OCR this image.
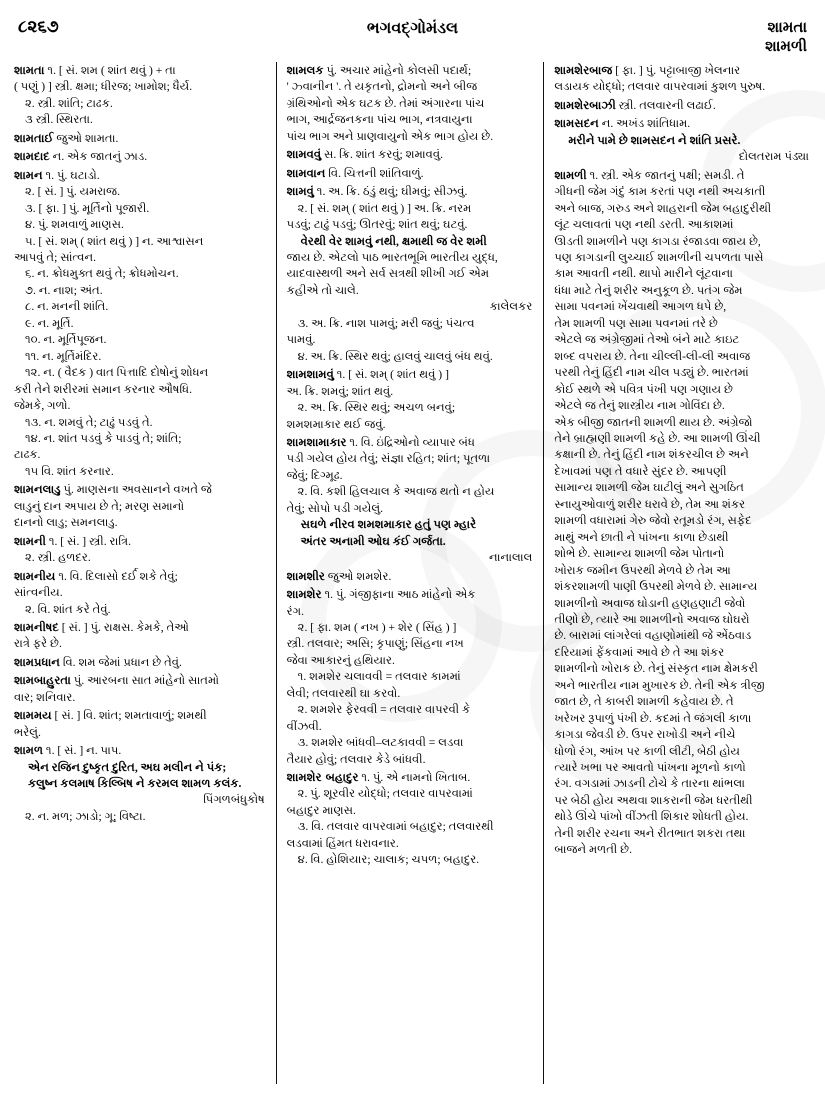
૮૨૬૭	ભગવદ્ગોમંડલ	શામતા
શામળી
શામતા ૧. [ સં. શમ ( શાંત થવું ) + તા
( પણું ) ] સ્ત્રી. ક્ષમા; ધીરજ; ખામોશ; ધૈર્ય.
૨. સ્ત્રી. શાંતિ; ટાઢક.
૩ સ્ત્રી. સ્થિરતા.
શામતાઈ જુઓ શામતા.
શામદાદ ન. એક જાતનું ઝાડ.
શામન ૧. પું. ઘટાડો.
૨. [ સં. ] પું. યમરાજ.
૩. [ ફા. ] પું. મૂર્તિનો પૂજારી.
૪. પું. શમવાળું માણસ.
૫. [ સં. શમ્ ( શાંત થવું ) ] ન. આશ્વાસન
આપવું તે; સાંત્વન.
૬. ન. ક્રોધમુક્ત થવું તે; ક્રોધમોચન.
૭. ન. નાશ; અંત.
૮. ન. મનની શાંતિ.
૯. ન. મૂર્તિ.
૧૦. ન. મૂર્તિપૂજન.
૧૧. ન. મૂર્તિમંદિર.
૧૨. ન. ( વૈદક ) વાત પિત્તાદિ દોષોનું શોધન
કરી તેને શરીરમાં સમાન કરનાર ઔષધિ.
જેમકે, ગળો.
૧૩. ન. શમવું તે; ટાઢું પડવું તે.
૧૪. ન. શાંત પડવું કે પાડવું તે; શાંતિ;
ટાઢક.
૧૫ વિ. શાંત કરનાર.
શામનલાડુ પું. માણસના અવસાનને વખતે જે
લાડુનું દાન અપાય છે તે; મરણ સમાનો
દાનનો લાડુ; સમનલાડુ.
શામની ૧. [ સં. ] સ્ત્રી. રાત્રિ.
૨. સ્ત્રી. હળદર.
શામનીય ૧. વિ. દિલાસો દર્ઈ શકે તેવું;
સાંત્વનીય.
૨. વિ. શાંત કરે તેવું.
શામનીષદ [ સં. ] પું. રાક્ષસ. કેમકે, તેઓ
રાત્રે ફરે છે.
શામપ્રધાન વિ. શમ જેમાં પ્રધાન છે તેવું.
શામબાહુરતા પું. આરબના સાત માંહેનો સાતમો
વાર; શનિવાર.
શામમય [ સં. ] વિ. શાંત; શમતાવાળું; શમથી
ભરેલું.
શામળ ૧. [ સં. ] ન. પાપ.
એન રજિન દુષ્કૃત દુરિત, અઘ મલીન ને પંક;
કલુષ્ન કલમાષ કિલ્બિષ ને કરમલ શામળ કલંક.
પિંગળબંધુકોષ
૨. ન. મળ; ઝાડો; ગૂ; વિષ્ટા.
શામલક પું. અચાર માંહેનો કોલસી પદાર્થ;
' ઝ્વાનીન '. તે યકૃતનો, દ્રોમનો અને બીજ
ગ્રંથિઓનો એક ઘટક છે. તેમાં અંગારના પાંચ
ભાગ, આર્દ્રજનકના પાંચ ભાગ, નત્રવાયુના
પાંચ ભાગ અને પ્રાણવાયુનો એક ભાગ હોય છે.
શામવવું સ. ક્રિ. શાંત કરવું; શમાવવું.
શામવાન વિ. ચિત્તની શાંતિવાળું.
શામવું ૧. અ. ક્રિ. ઠંડું થવું; ઘીમવું; સીઝવું.
૨. [ સં. શમ્ ( શાંત થવું ) ] અ. ક્રિ. નરમ
પડવું; ટાઢું પડવું; ઊતરવું; શાંત થવું; ઘટવું.
વેરથી વેર શામવું નથી, ક્ષમાથી જ વેર શમી
જાય છે. એટલો પાઠ ભારતભૂમિ ભારતીય યુદ્ધ,
યાદવાસ્થળી અને સર્વ સત્રથી શીખી ગઈ એમ
કહીએ તો ચાલે.
કાલેલકર
૩. અ. ક્રિ. નાશ પામવું; મરી જવું; પંચત્વ
પામવું.
૪. અ. ક્રિ. સ્થિર થવું; હાલવું ચાલવું બંધ થવું.
શામશામવું ૧. [ સં. શમ્ ( શાંત થવું ) ]
અ. ક્રિ. શમવું; શાંત થવું.
૨. અ. ક્રિ. સ્થિર થવું; અચળ બનવું;
શમશમાકાર થઈ જવું.
શામશામાકાર ૧. વિ. ઇંદ્રિઓનો વ્યાપાર બંધ
પડી ગયેલ હોય તેવું; સંજ્ઞા રહિત; શાંત; પૂતળા
જેવું; દિગ્મૂઢ.
૨. વિ. કશી હિલચાલ કે અવાજ થતો ન હોય
તેવું; સોપો પડી ગયેલું.
સઘળે નીરવ શમશમાકાર હતું પણ મ્હારે
અંતર અનામી ઓઘ કંઈ ગર્જતા.
નાનાલાલ
શામશીર જુઓ શમશેર.
શામશેર ૧. પું. ગંજીફાના આઠ માંહેનો એક
રંગ.
૨. [ ફા. શમ ( નખ ) + શેર ( સિંહ ) ]
સ્ત્રી. તલવાર; અસિ; કૃપાણું; સિંહના નખ
જેવા આકારનું હથિયાર.
૧. શમશેર ચલાવવી = તલવાર કામમાં
લેવી; તલવારથી ઘા કરવો.
૨. શમશેર ફેરવવી = તલવાર વાપરવી કે
વીંઝવી.
૩. શમશેર બાંધવી–લટકાવવી = લડવા
તૈયાર હોવું; તલવાર કેડે બાંધવી.
શામશેર બહાદુર ૧. પું. એ નામનો ખિતાબ.
૨. પું. શૂરવીર યોદ્ધો; તલવાર વાપરવામાં
બહાદુર માણસ.
૩. વિ. તલવાર વાપરવામાં બહાદુર; તલવારથી
લડવામાં હિંમત ધરાવનાર.
૪. વિ. હોશિયાર; ચાલાક; ચપળ; બહાદુર.
શામશેરબાજ [ ફા. ] પું. પટ્ટાબાજી ખેલનાર
લડાયક યોદ્ધો; તલવાર વાપરવામાં કુશળ પુરુષ.
શામશેરબાઝી સ્ત્રી. તલવારની લઢાઈ.
શામસદન ન. અખંડ શાંતિધામ.
મરીને પામે છે શામસદન ને શાંતિ પ્રસરે.
દોલતરામ પંડ્યા
શામળી ૧. સ્ત્રી. એક જાતનું પક્ષી; સમડી. તે
ગીધની જેમ ગંદું કામ કરતાં પણ નથી અચકાતી
અને બાજ, ગરુડ અને શાહરાની જેમ બહાદુરીથી
લૂંટ ચલાવતાં પણ નથી ડરતી. આકાશમાં
ઊડતી શામળીને પણ કાગડા રંજાડવા જાય છે,
પણ કાગડાની લુચ્ચાઈ શામળીની ચપળતા પાસે
કામ આવતી નથી. થાપો મારીને લૂંટવાના
ધંધા માટે તેનું શરીર અનુકૂળ છે. પતંગ જેમ
સામા પવનમાં ખેંચવાથી આગળ ધપે છે,
તેમ શામળી પણ સામા પવનમાં તરે છે
એટલે જ અંગ્રેજીમાં તેઓ બંને માટે કાઇટ
શબ્દ વપરાય છે. તેના ચીલ્લી-લી-લી અવાજ
પરથી તેનું હિંદી નામ ચીલ પડ્યું છે. ભારતમાં
કોઈ સ્થળે એ પવિત્ર પંખી પણ ગણાય છે
એટલે જ તેનું શાસ્ત્રીય નામ ગોવિંદા છે.
એક બીજી જાતની શામળી થાય છે. અંગ્રેજો
તેને બ્રાહ્મણી શામળી કહે છે. આ શામળી ઊંચી
કક્ષાની છે. તેનું હિંદી નામ શંકરચીલ છે અને
દેખાવમાં પણ તે વધારે સુંદર છે. આપણી
સામાન્ય શામળી જેમ ઘાટીલું અને સુગઠિત
સ્નાયુઓવાળું શરીર ધરાવે છે, તેમ આ શંકર
શામળી વધારામાં ગેરુ જેવો રતૂમડો રંગ, સફેદ
માથું અને છાતી ને પાંખના કાળા છેડાથી
શોભે છે. સામાન્ય શામળી જેમ પોતાનો
ખોરાક જમીન ઉપરથી મેળવે છે તેમ આ
શંકરશામળી પાણી ઉપરથી મેળવે છે. સામાન્ય
શામળીનો અવાજ ઘોડાની હણહણાટી જેવો
તીણો છે, ત્યારે આ શામળીનો અવાજ ઘોઘરો
છે. બારામાં લાંગરેલાં વહાણોમાંથી જે એંઠવાડ
દરિયામાં ફેંકવામાં આવે છે તે આ શંકર
શામળીનો ખોરાક છે. તેનું સંસ્કૃત નામ ક્ષેમકરી
અને ભારતીય નામ મુખારક છે. તેની એક ત્રીજી
જાત છે, તે કાબરી શામળી કહેવાય છે. તે
ખરેખર રૂપાળું પંખી છે. કદમાં તે જંગલી કાળા
કાગડા જેવડી છે. ઉપર રાખોડી અને નીચે
ધોળો રંગ, આંખ પર કાળી લીટી, બેઠી હોય
ત્યારે ખભા પર આવતો પાંખના મૂળનો કાળો
રંગ. વગડામાં ઝાડની ટોચે કે તારના થાંભલા
પર બેઠી હોય અથવા શાકરાની જેમ ધરતીથી
થોડે ઊંચે પાંખો વીંઝતી શિકાર શોધતી હોય.
તેની શરીર રચના અને રીતભાત શકરા તથા
બાજને મળતી છે.
